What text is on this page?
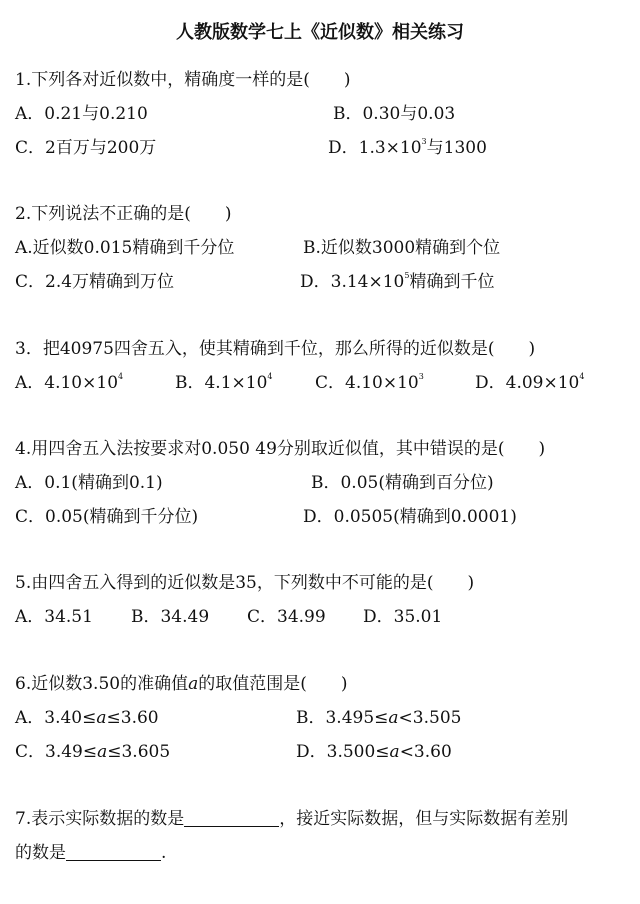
人教版数学七上《近似数》相关练习
1.下列各对近似数中，精确度一样的是(　　)
A．0.21与0.210	B．0.30与0.03
C．2百万与200万	D．$1.3\times 10^3$与1300
2.下列说法不正确的是(　　)
A.近似数0.015精确到千分位	B.近似数3000精确到个位
C．2.4万精确到万位	D．$3.14\times 10^5$精确到千位
3．把40975四舍五入，使其精确到千位，那么所得的近似数是(　　)
A．$4.10\times 10^4$	B．$4.1\times 10^4$	C．$4.10\times 10^3$	D．$4.09\times 10^4$
4.用四舍五入法按要求对0.050 49分别取近似值，其中错误的是(　　)
A．0.1(精确到0.1)	B．0.05(精确到百分位)
C．0.05(精确到千分位)	D．0.0505(精确到0.0001)
5.由四舍五入得到的近似数是35，下列数中不可能的是(　　)
A．34.51 B．34.49 C．34.99 D．35.01
6.近似数3.50的准确值a的取值范围是(　　)
A．3.40≤a≤3.60	B．3.495≤a<3.505
C．3.49≤a≤3.605	D．3.500≤a<3.60
7.表示实际数据的数是	，接近实际数据，但与实际数据有差别
的数是	.
